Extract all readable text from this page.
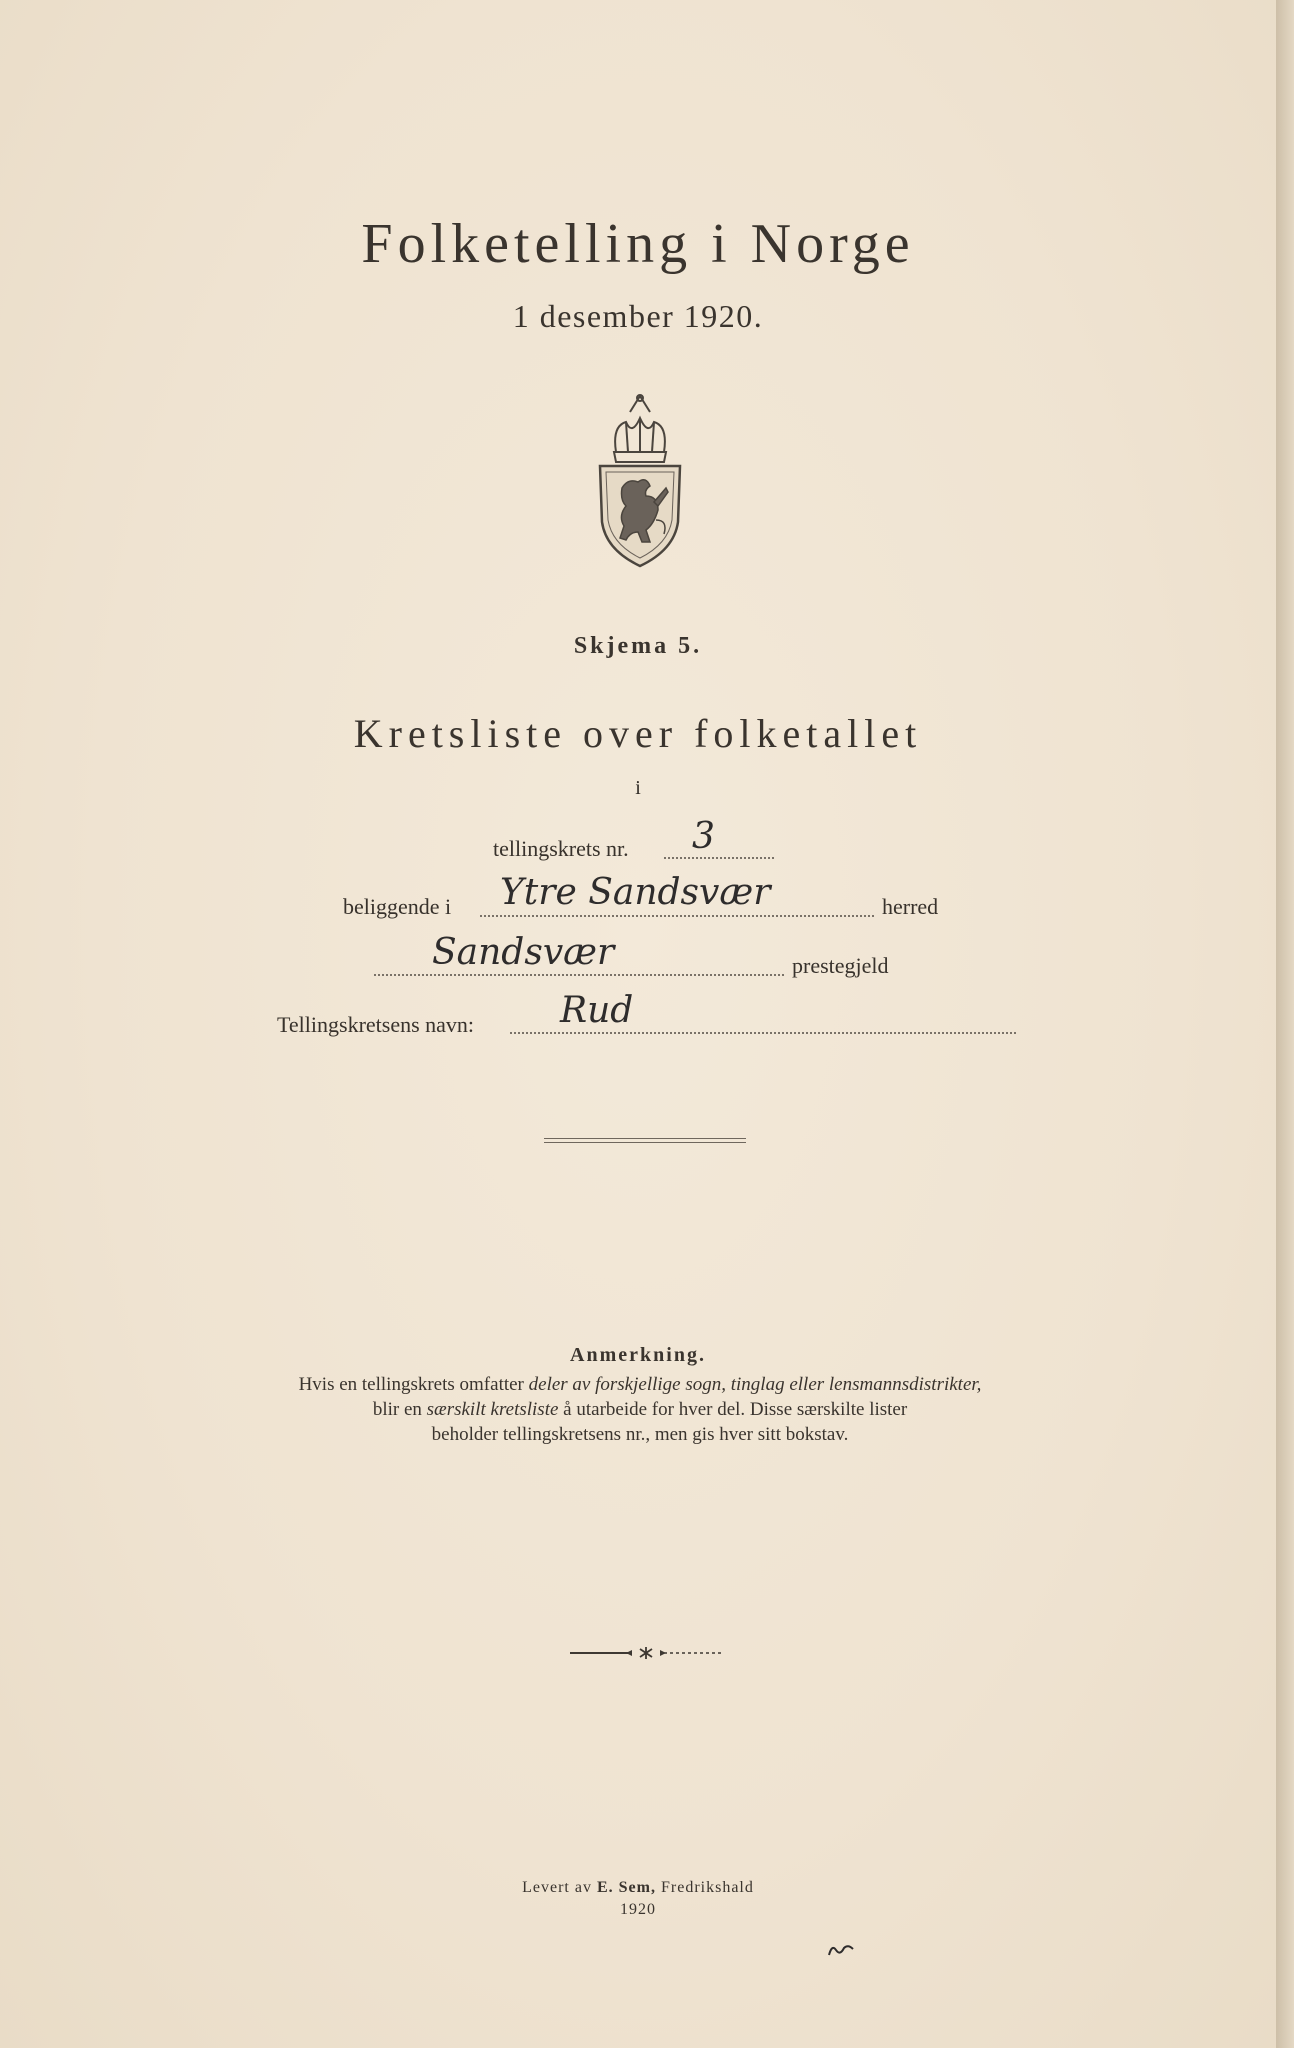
Folketelling i Norge
1 desember 1920.
Skjema 5.
Kretsliste over folketallet
i
tellingskrets nr. 3
beliggende i Ytre Sandsvær	herred
Sandsvær	prestegjeld
Tellingskretsens navn: Rud
Anmerkning.
Hvis en tellingskrets omfatter deler av forskjellige sogn, tinglag eller lensmannsdistrikter,
blir en særskilt kretsliste å utarbeide for hver del. Disse særskilte lister
beholder tellingskretsens nr., men gis hver sitt bokstav.
Levert av E. Sem, Fredrikshald
1920
